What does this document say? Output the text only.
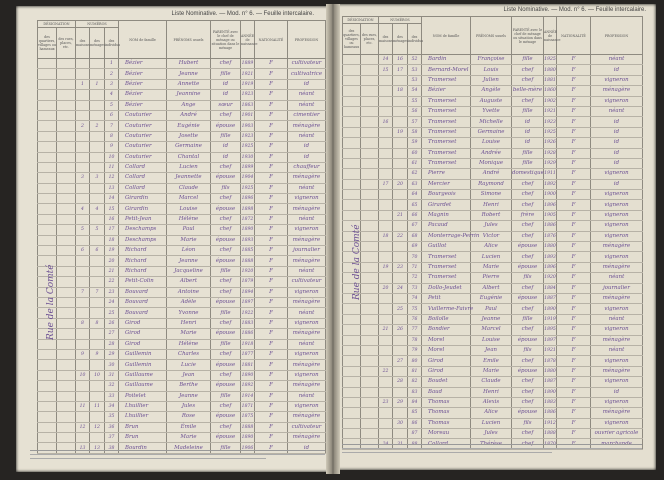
Liste Nominative. — Mod. n° 6. — Feuille intercalaire.
Liste Nominative. — Mod. n° 6. — Feuille intercalaire.
DÉSIGNATION		NUMÉROS			NOM de famille	PRÉNOMS usuels	PARENTÉ avec le chef de ménage ou situation dans le ménage	ANNÉE de naissance	NATIONALITÉ	PROFESSION
des quartiers, villages ou hameaux	des rues, places, etc.	des maisons	des ménages	des individus						
				1	Bézier	Hubert	chef	1889	F	cultivateur
				2	Bézier	Jeanne	fille	1921	F	cultivatrice
		1	1	3	Bézier	Annette	id	1919	F	id
				4	Bézier	Jeannine	id	1923	F	néant
				5	Bézier	Ange	sœur	1863	F	néant
				6	Couturier	André	chef	1901	F	cimentier
		2	2	7	Couturier	Eugénie	épouse	1903	F	ménagère
				8	Couturier	Josette	fille	1923	F	néant
				9	Couturier	Germaine	id	1925	F	id
				10	Couturier	Chantal	id	1930	F	id
				11	Collard	Lucien	chef	1899	F	chauffeur
		3	3	12	Collard	Jeannette	épouse	1904	F	ménagère
				13	Collard	Claude	fils	1925	F	néant
				14	Girardin	Marcel	chef	1896	F	vigneron
		4	4	15	Girardin	Louise	épouse	1898	F	ménagère
				16	Petit-Jean	Hélène	chef	1872	F	néant
		5	5	17	Deschamps	Paul	chef	1890	F	vigneron
				18	Deschamps	Marie	épouse	1893	F	ménagère
		6	6	19	Richard	Léon	chef	1885	F	journalier
				20	Richard	Jeanne	épouse	1888	F	ménagère
				21	Richard	Jacqueline	fille	1920	F	néant
				22	Petit-Colin	Albert	chef	1879	F	cultivateur
		7	7	23	Bouvard	Antoine	chef	1894	F	vigneron
				24	Bouvard	Adèle	épouse	1897	F	ménagère
				25	Bouvard	Yvonne	fille	1922	F	néant
		8	8	26	Girod	Henri	chef	1883	F	vigneron
				27	Girod	Marie	épouse	1886	F	ménagère
				28	Girod	Hélène	fille	1918	F	néant
		9	9	29	Guillemin	Charles	chef	1877	F	vigneron
				30	Guillemin	Lucie	épouse	1881	F	ménagère
		10	10	31	Guillaume	Jean	chef	1890	F	vigneron
				32	Guillaume	Berthe	épouse	1892	F	ménagère
				33	Poitelet	Jeanne	fille	1914	F	néant
		11	11	34	Lhuillier	Jules	chef	1871	F	vigneron
				35	Lhuillier	Rose	épouse	1875	F	ménagère
		12	12	36	Brun	Émile	chef	1888	F	cultivateur
				37	Brun	Marie	épouse	1890	F	ménagère
		13	13	38	Bourdin	Madeleine	fille	1906	F	id
DÉSIGNATION		NUMÉROS			NOM de famille	PRÉNOMS usuels	PARENTÉ avec le chef de ménage ou situation dans le ménage	ANNÉE de naissance	NATIONALITÉ	PROFESSION
des quartiers, villages ou hameaux	des rues, places, etc.	des maisons	des ménages	des individus						
		14	16	52	Bardin	Françoise	fille	1925	F	néant
		15	17	53	Bernard-Morel	Louis	chef	1880	F	id
				53	Tramerset	Julien	chef	1881	F	vigneron
			18	54	Bézier	Angèle	belle-mère	1860	F	ménagère
				55	Tramerset	Auguste	chef	1902	F	vigneron
				56	Tramerset	Yvette	fille	1921	F	néant
		16		57	Tramerset	Michelle	id	1923	F	id
			19	58	Tramerset	Germaine	id	1925	F	id
				59	Tramerset	Louise	id	1926	F	id
				60	Tramerset	Andrée	fille	1928	F	id
				61	Tramerset	Monique	fille	1929	F	id
				62	Pierre	André	domestique	1911	F	vigneron
		17	20	63	Mercier	Raymond	chef	1892	F	id
				64	Bourgeois	Simone	chef	1900	F	vigneron
				65	Girardet	Henri	chef	1896	F	vigneron
			21	66	Magnin	Robert	frère	1905	F	vigneron
				67	Pacaud	Jules	chef	1886	F	vigneron
		18	22	68	Monterrage-Perrin	Victor	chef	1876	F	vigneron
				69	Guillot	Alice	épouse	1880	F	ménagère
				70	Tramerset	Lucien	chef	1893	F	vigneron
		19	23	71	Tramerset	Marie	épouse	1896	F	ménagère
				72	Tramerset	Pierre	fils	1920	F	néant
		20	24	73	Dollo-Jeudet	Albert	chef	1884	F	journalier
				74	Petit	Eugénie	épouse	1887	F	ménagère
			25	75	Vuillerme-Faivre	Paul	chef	1890	F	vigneron
				76	Boilolle	Jeanne	fille	1919	F	néant
		21	26	77	Bondier	Marcel	chef	1895	F	vigneron
				78	Morel	Louise	épouse	1897	F	ménagère
				79	Morel	Jean	fils	1921	F	néant
			27	80	Girod	Emile	chef	1878	F	vigneron
		22		81	Girod	Marie	épouse	1880	F	ménagère
			28	82	Boudet	Claude	chef	1887	F	vigneron
				83	Baud	Henri	chef	1890	F	id
		23	29	84	Thomas	Alexis	chef	1883	F	vigneron
				85	Thomas	Alice	épouse	1886	F	ménagère
			30	86	Thomas	Lucien	fils	1912	F	vigneron
				87	Moreau	Jules	chef	1888	F	ouvrier agricole
		24	31	88	Collard	Thérèse	chef	1870	F	marchande
Rue de la Comté
Rue de la Comté
